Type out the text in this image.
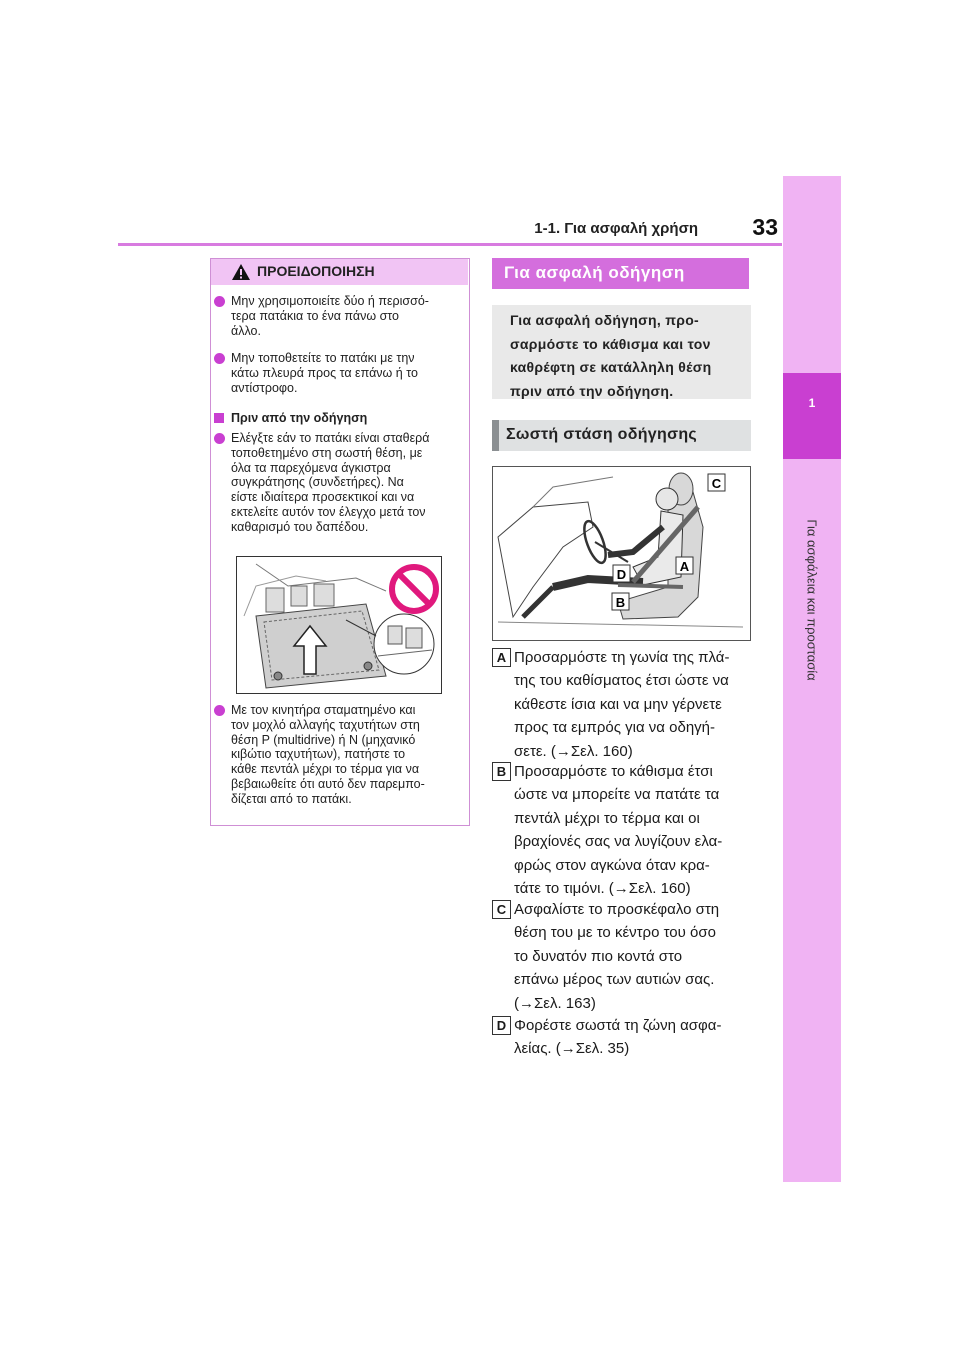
1-1. Για ασφαλή χρήση 33
1
Για ασφάλεια και προστασία
ΠΡΟΕΙΔΟΠΟΙΗΣΗ
Μην χρησιμοποιείτε δύο ή περισσό-
τερα πατάκια το ένα πάνω στο
άλλο.
Μην τοποθετείτε το πατάκι με την
κάτω πλευρά προς τα επάνω ή το
αντίστροφο.
Πριν από την οδήγηση
Ελέγξτε εάν το πατάκι είναι σταθερά
τοποθετημένο στη σωστή θέση, με
όλα τα παρεχόμενα άγκιστρα
συγκράτησης (συνδετήρες). Να
είστε ιδιαίτερα προσεκτικοί και να
εκτελείτε αυτόν τον έλεγχο μετά τον
καθαρισμό του δαπέδου.
Με τον κινητήρα σταματημένο και
τον μοχλό αλλαγής ταχυτήτων στη
θέση P (multidrive) ή N (μηχανικό
κιβώτιο ταχυτήτων), πατήστε το
κάθε πεντάλ μέχρι το τέρμα για να
βεβαιωθείτε ότι αυτό δεν παρεμπο-
δίζεται από το πατάκι.
Για ασφαλή οδήγηση
Για ασφαλή οδήγηση, προ-
σαρμόστε το κάθισμα και τον
καθρέφτη σε κατάλληλη θέση
πριν από την οδήγηση.
Σωστή στάση οδήγησης
C
A
D
B
A Προσαρμόστε τη γωνία της πλά-
της του καθίσματος έτσι ώστε να
κάθεστε ίσια και να μην γέρνετε
προς τα εμπρός για να οδηγή-
σετε. (→Σελ. 160)
B Προσαρμόστε το κάθισμα έτσι
ώστε να μπορείτε να πατάτε τα
πεντάλ μέχρι το τέρμα και οι
βραχίονές σας να λυγίζουν ελα-
φρώς στον αγκώνα όταν κρα-
τάτε το τιμόνι. (→Σελ. 160)
C Ασφαλίστε το προσκέφαλο στη
θέση του με το κέντρο του όσο
το δυνατόν πιο κοντά στο
επάνω μέρος των αυτιών σας.
(→Σελ. 163)
D Φορέστε σωστά τη ζώνη ασφα-
λείας. (→Σελ. 35)
